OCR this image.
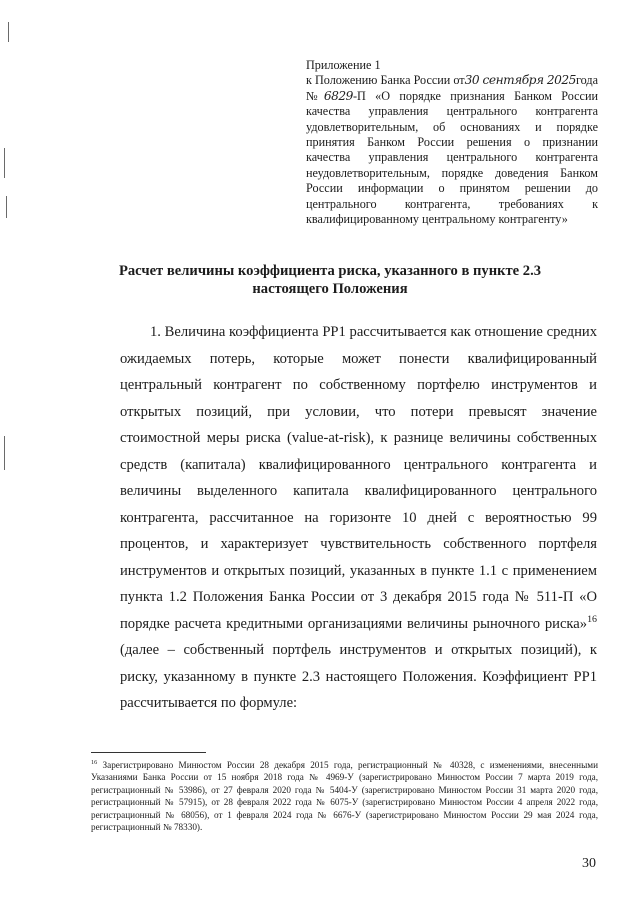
Приложение 1

к Положению Банка России от30 сентября 2025года №6829-П «О порядке признания Банком России качества управления центрального контрагента удовлетворительным, об основаниях и порядке принятия Банком России решения о признании качества управления центрального контрагента неудовлетворительным, порядке доведения Банком России информации о принятом решении до центрального контрагента, требованиях к квалифицированному центральному контрагенту»

Расчет величины коэффициента риска, указанного в пункте 2.3
настоящего Положения

1. Величина коэффициента РР1 рассчитывается как отношение средних ожидаемых потерь, которые может понести квалифицированный центральный контрагент по собственному портфелю инструментов и открытых позиций, при условии, что потери превысят значение стоимостной меры риска (value-at-risk), к разнице величины собственных средств (капитала) квалифицированного центрального контрагента и величины выделенного капитала квалифицированного центрального контрагента, рассчитанное на горизонте 10 дней с вероятностью 99 процентов, и характеризует чувствительность собственного портфеля инструментов и открытых позиций, указанных в пункте 1.1 с применением пункта 1.2 Положения Банка России от 3 декабря 2015 года № 511-П «О порядке расчета кредитными организациями величины рыночного риска»$^{16}$ (далее – собственный портфель инструментов и открытых позиций), к риску, указанному в пункте 2.3 настоящего Положения. Коэффициент РР1 рассчитывается по формуле:

$^{16}$ Зарегистрировано Минюстом России 28 декабря 2015 года, регистрационный № 40328, с изменениями, внесенными Указаниями Банка России от 15 ноября 2018 года № 4969-У (зарегистрировано Минюстом России 7 марта 2019 года, регистрационный № 53986), от 27 февраля 2020 года № 5404-У (зарегистрировано Минюстом России 31 марта 2020 года, регистрационный № 57915), от 28 февраля 2022 года № 6075-У (зарегистрировано Минюстом России 4 апреля 2022 года, регистрационный № 68056), от 1 февраля 2024 года № 6676-У (зарегистрировано Минюстом России 29 мая 2024 года, регистрационный № 78330).

30
